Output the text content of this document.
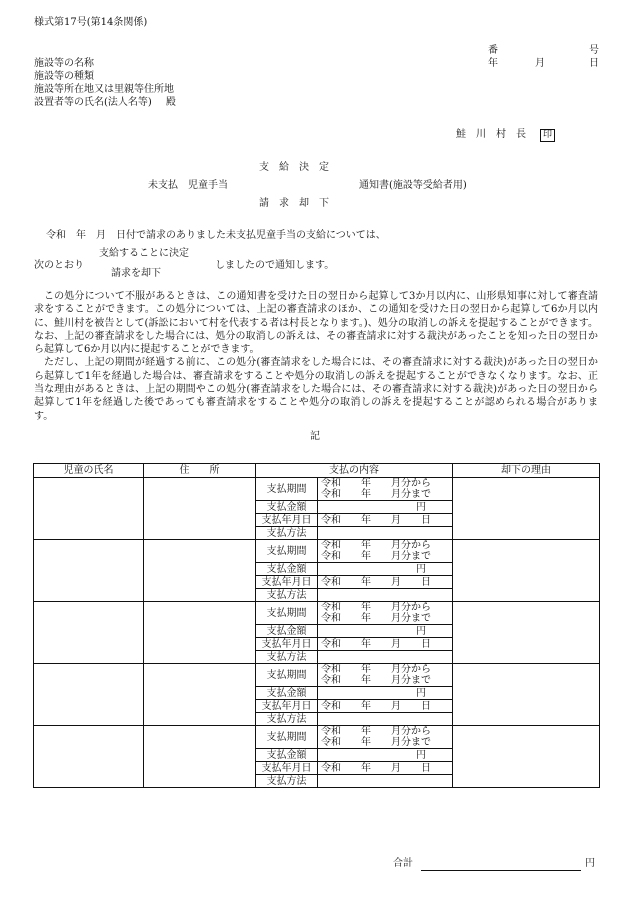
様式第17号(第14条関係)
番	号
年	月	日
施設等の名称
施設等の種類
施設等所在地又は里親等住所地
設置者等の氏名(法人名等) 殿
鮭　川　村　長 印
支　給　決　定
未支払　児童手当	通知書(施設等受給者用)
請　求　却　下
令和　年　月　日付で請求のありました未支払児童手当の支給については、
支給することに決定
次のとおり	しましたので通知します。
請求を却下

この処分について不服があるときは、この通知書を受けた日の翌日から起算して3か月以内に、山形県知事に対して審査請求をすることができます。この処分については、上記の審査請求のほか、この通知を受けた日の翌日から起算して6か月以内に、鮭川村を被告として(訴訟において村を代表する者は村長となります。)、処分の取消しの訴えを提起することができます。なお、上記の審査請求をした場合には、処分の取消しの訴えは、その審査請求に対する裁決があったことを知った日の翌日から起算して6か月以内に提起することができます。

ただし、上記の期間が経過する前に、この処分(審査請求をした場合には、その審査請求に対する裁決)があった日の翌日から起算して1年を経過した場合は、審査請求をすることや処分の取消しの訴えを提起することができなくなります。なお、正当な理由があるときは、上記の期間やこの処分(審査請求をした場合には、その審査請求に対する裁決)があった日の翌日から起算して1年を経過した後であっても審査請求をすることや処分の取消しの訴えを提起することが認められる場合があります。

記
児童の氏名	住　　所	支払の内容		却下の理由
		支払期間	令和　　年　　月分から
令和　　年　　月分まで	

		支払金額	円	
		支払年月日	令和　　年　　月　　日	
		支払方法		
		支払期間	令和　　年　　月分から
令和　　年　　月分まで	

		支払金額	円	
		支払年月日	令和　　年　　月　　日	
		支払方法		
		支払期間	令和　　年　　月分から
令和　　年　　月分まで	

		支払金額	円	
		支払年月日	令和　　年　　月　　日	
		支払方法		
		支払期間	令和　　年　　月分から
令和　　年　　月分まで	

		支払金額	円	
		支払年月日	令和　　年　　月　　日	
		支払方法		
		支払期間	令和　　年　　月分から
令和　　年　　月分まで	

		支払金額	円	
		支払年月日	令和　　年　　月　　日	
		支払方法		
合計	円
